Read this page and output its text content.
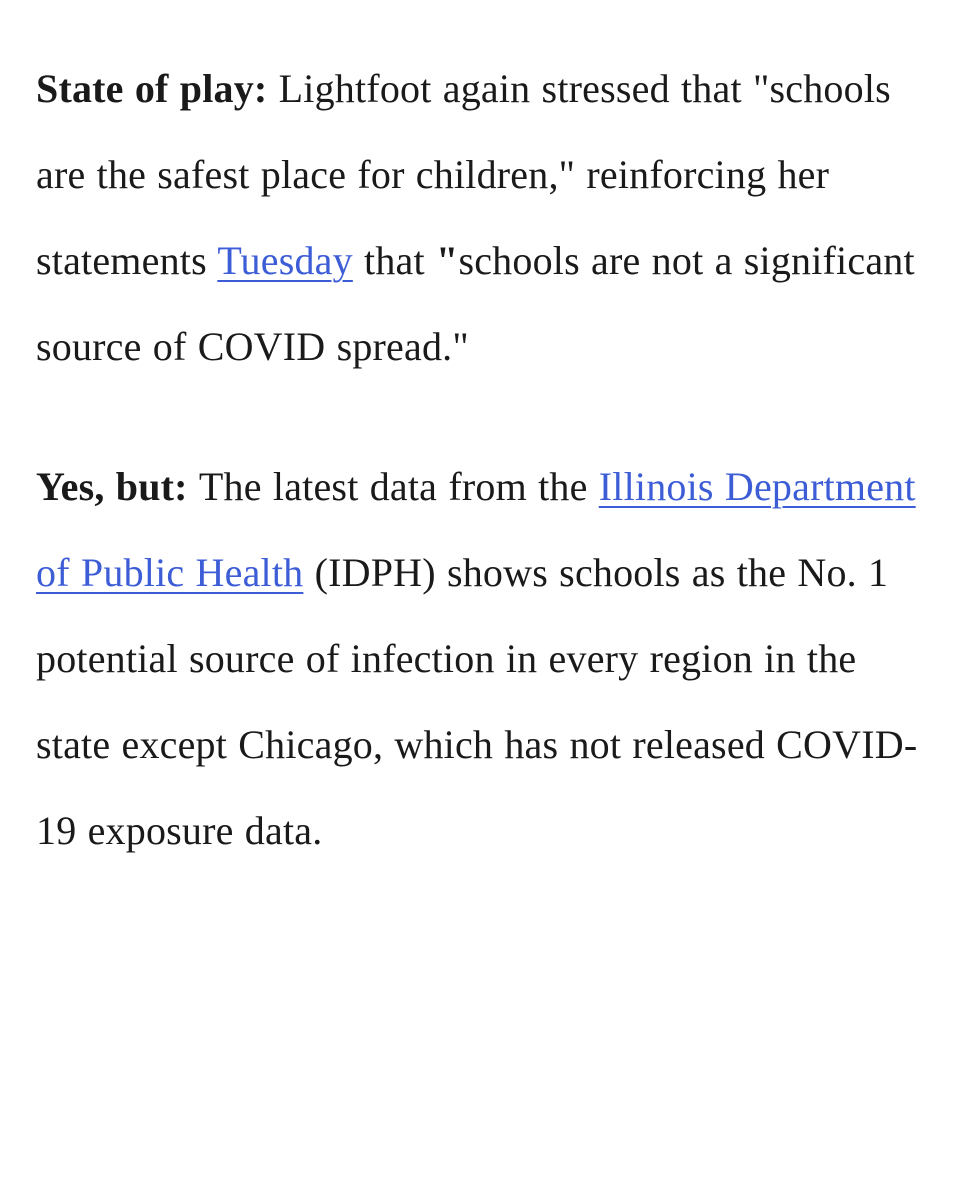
State of play: Lightfoot again stressed that "schools are the safest place for children," reinforcing her statements Tuesday that "schools are not a significant source of COVID spread."

Yes, but: The latest data from the Illinois Department of Public Health (IDPH) shows schools as the No. 1 potential source of infection in every region in the state except Chicago, which has not released COVID-19 exposure data.
